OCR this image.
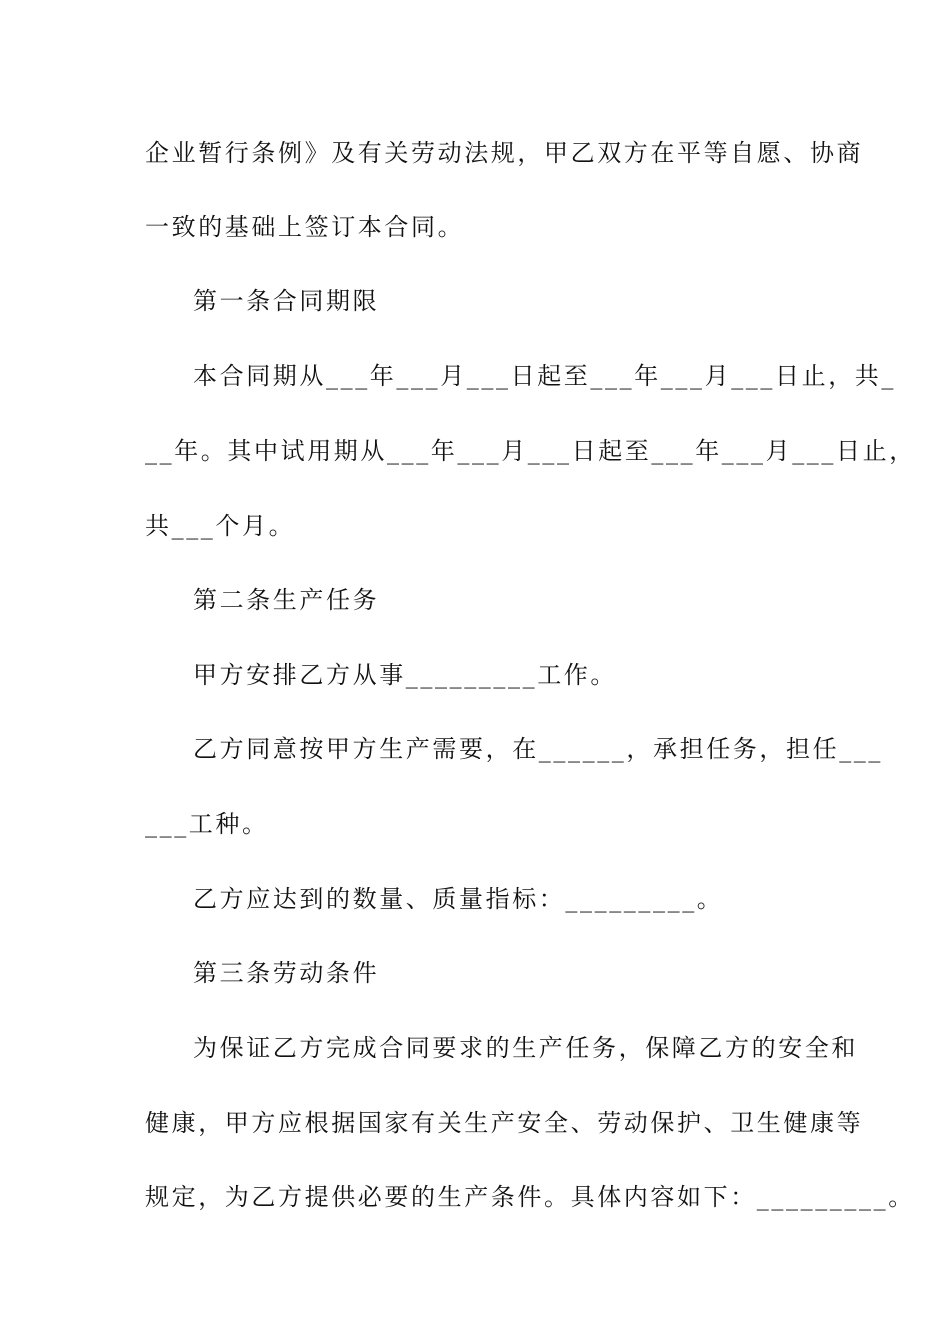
企业暂行条例》及有关劳动法规，甲乙双方在平等自愿、协商
一致的基础上签订本合同。
第一条合同期限
本合同期从___年___月___日起至___年___月___日止，共_
__年。其中试用期从___年___月___日起至___年___月___日止，
共___个月。
第二条生产任务
甲方安排乙方从事_________工作。
乙方同意按甲方生产需要，在______，承担任务，担任___
___工种。
乙方应达到的数量、质量指标：_________。
第三条劳动条件
为保证乙方完成合同要求的生产任务，保障乙方的安全和
健康，甲方应根据国家有关生产安全、劳动保护、卫生健康等
规定，为乙方提供必要的生产条件。具体内容如下：_________。
